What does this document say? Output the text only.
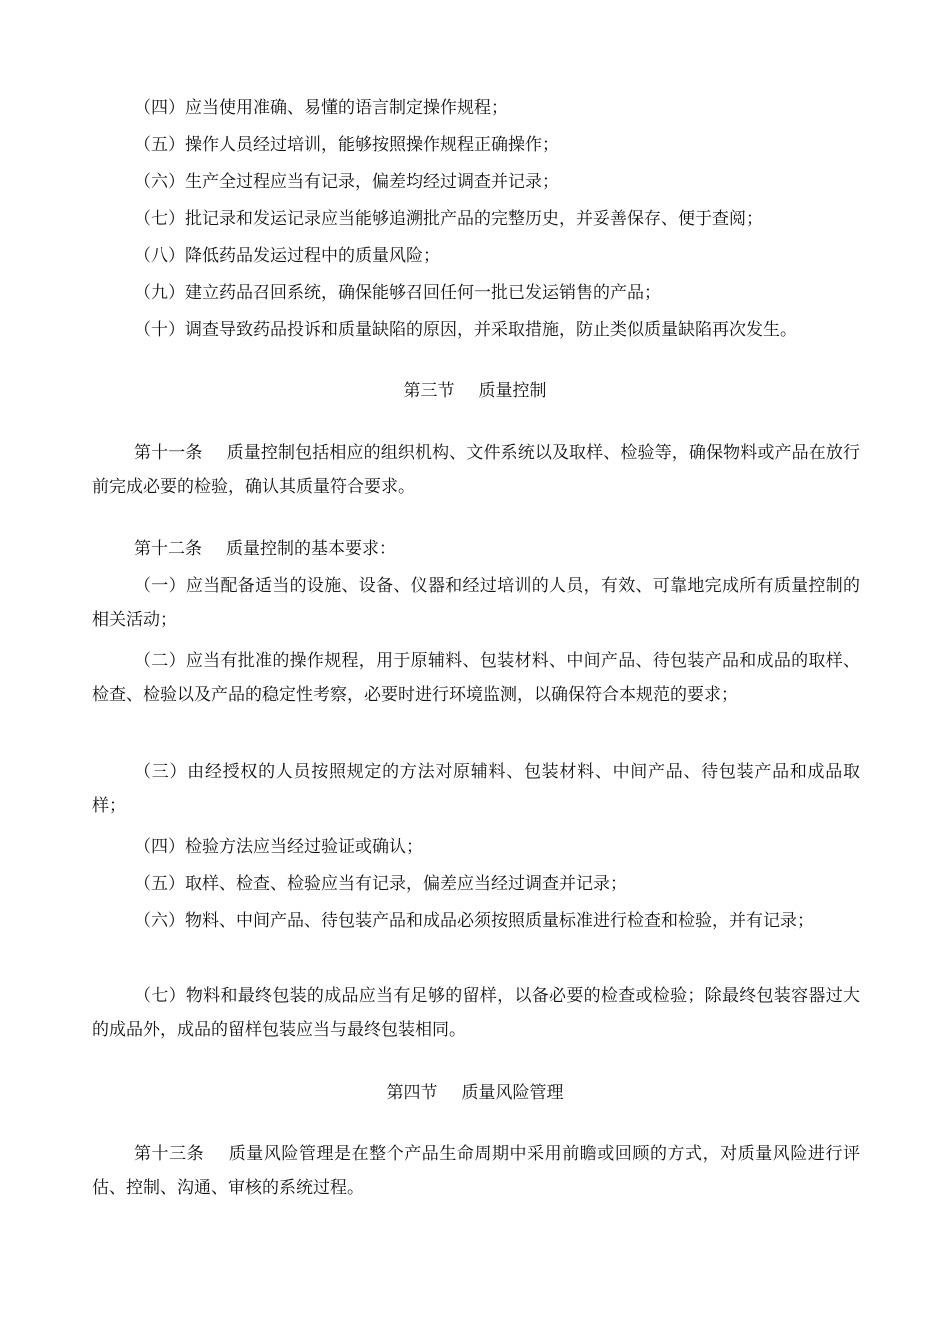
（四）应当使用准确、易懂的语言制定操作规程；

（五）操作人员经过培训，能够按照操作规程正确操作；

（六）生产全过程应当有记录，偏差均经过调查并记录；

（七）批记录和发运记录应当能够追溯批产品的完整历史，并妥善保存、便于查阅；

（八）降低药品发运过程中的质量风险；

（九）建立药品召回系统，确保能够召回任何一批已发运销售的产品；

（十）调查导致药品投诉和质量缺陷的原因，并采取措施，防止类似质量缺陷再次发生。

第三节 质量控制

第十一条 质量控制包括相应的组织机构、文件系统以及取样、检验等，确保物料或产品在放行前完成必要的检验，确认其质量符合要求。

第十二条 质量控制的基本要求：

（一）应当配备适当的设施、设备、仪器和经过培训的人员，有效、可靠地完成所有质量控制的相关活动；

（二）应当有批准的操作规程，用于原辅料、包装材料、中间产品、待包装产品和成品的取样、检查、检验以及产品的稳定性考察，必要时进行环境监测，以确保符合本规范的要求；

（三）由经授权的人员按照规定的方法对原辅料、包装材料、中间产品、待包装产品和成品取样；

（四）检验方法应当经过验证或确认；

（五）取样、检查、检验应当有记录，偏差应当经过调查并记录；

（六）物料、中间产品、待包装产品和成品必须按照质量标准进行检查和检验，并有记录；

（七）物料和最终包装的成品应当有足够的留样，以备必要的检查或检验；除最终包装容器过大的成品外，成品的留样包装应当与最终包装相同。

第四节 质量风险管理

第十三条 质量风险管理是在整个产品生命周期中采用前瞻或回顾的方式，对质量风险进行评估、控制、沟通、审核的系统过程。
